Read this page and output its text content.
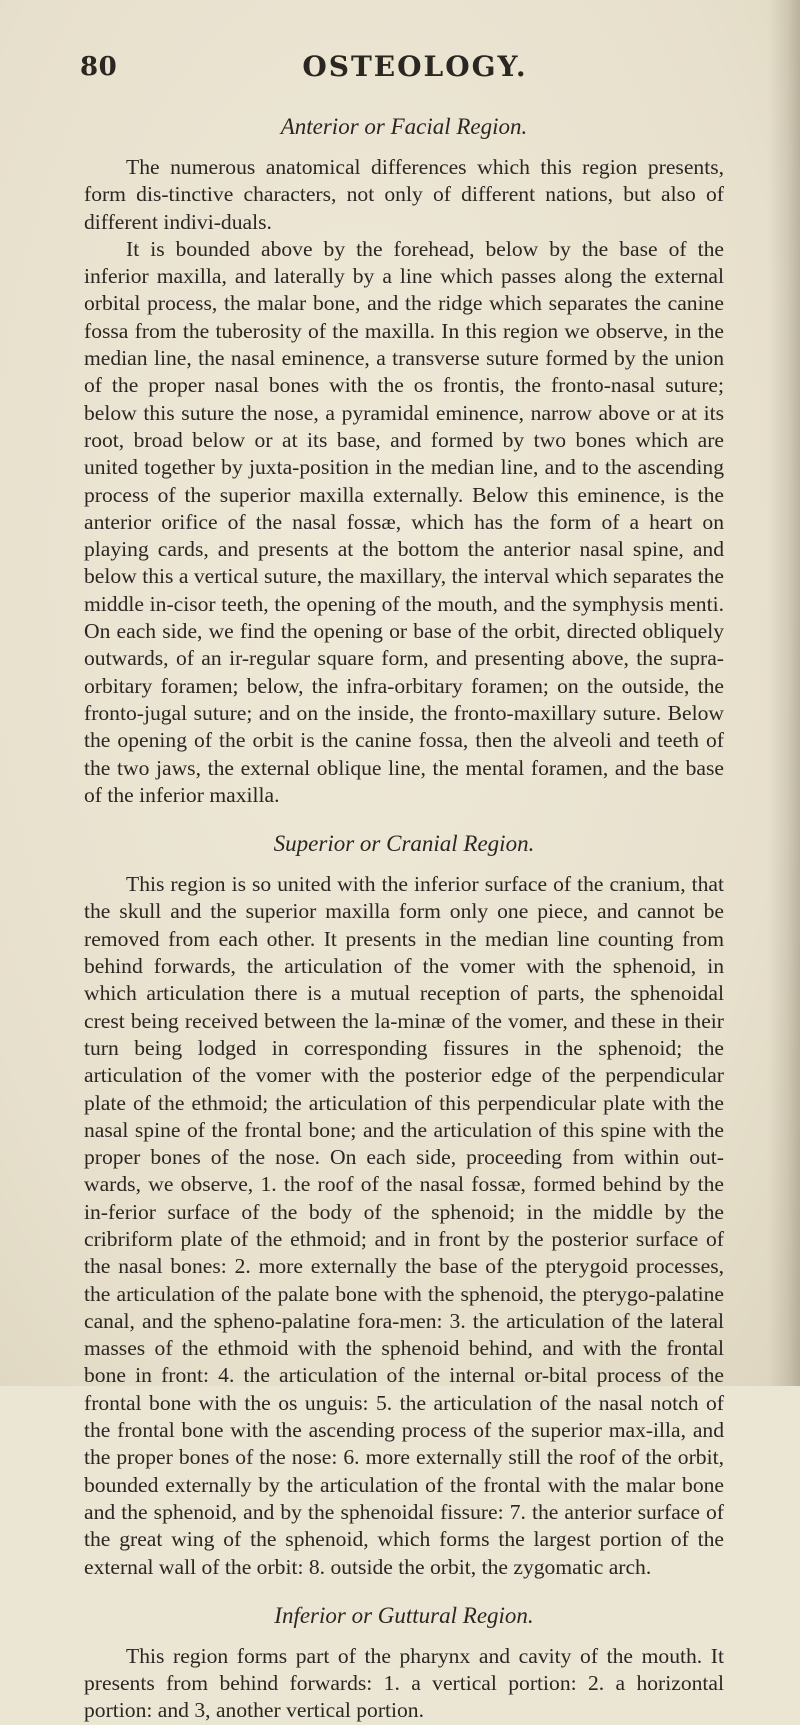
80	OSTEOLOGY.
Anterior or Facial Region.

The numerous anatomical differences which this region presents, form dis-tinctive characters, not only of different nations, but also of different indivi-duals.

It is bounded above by the forehead, below by the base of the inferior maxilla, and laterally by a line which passes along the external orbital process, the malar bone, and the ridge which separates the canine fossa from the tuberosity of the maxilla. In this region we observe, in the median line, the nasal eminence, a transverse suture formed by the union of the proper nasal bones with the os frontis, the fronto-nasal suture; below this suture the nose, a pyramidal eminence, narrow above or at its root, broad below or at its base, and formed by two bones which are united together by juxta-position in the median line, and to the ascending process of the superior maxilla externally. Below this eminence, is the anterior orifice of the nasal fossæ, which has the form of a heart on playing cards, and presents at the bottom the anterior nasal spine, and below this a vertical suture, the maxillary, the interval which separates the middle in-cisor teeth, the opening of the mouth, and the symphysis menti. On each side, we find the opening or base of the orbit, directed obliquely outwards, of an ir-regular square form, and presenting above, the supra-orbitary foramen; below, the infra-orbitary foramen; on the outside, the fronto-jugal suture; and on the inside, the fronto-maxillary suture. Below the opening of the orbit is the canine fossa, then the alveoli and teeth of the two jaws, the external oblique line, the mental foramen, and the base of the inferior maxilla.

Superior or Cranial Region.

This region is so united with the inferior surface of the cranium, that the skull and the superior maxilla form only one piece, and cannot be removed from each other. It presents in the median line counting from behind forwards, the articulation of the vomer with the sphenoid, in which articulation there is a mutual reception of parts, the sphenoidal crest being received between the la-minæ of the vomer, and these in their turn being lodged in corresponding fissures in the sphenoid; the articulation of the vomer with the posterior edge of the perpendicular plate of the ethmoid; the articulation of this perpendicular plate with the nasal spine of the frontal bone; and the articulation of this spine with the proper bones of the nose. On each side, proceeding from within out-wards, we observe, 1. the roof of the nasal fossæ, formed behind by the in-ferior surface of the body of the sphenoid; in the middle by the cribriform plate of the ethmoid; and in front by the posterior surface of the nasal bones: 2. more externally the base of the pterygoid processes, the articulation of the palate bone with the sphenoid, the pterygo-palatine canal, and the spheno-palatine fora-men: 3. the articulation of the lateral masses of the ethmoid with the sphenoid behind, and with the frontal bone in front: 4. the articulation of the internal or-bital process of the frontal bone with the os unguis: 5. the articulation of the nasal notch of the frontal bone with the ascending process of the superior max-illa, and the proper bones of the nose: 6. more externally still the roof of the orbit, bounded externally by the articulation of the frontal with the malar bone and the sphenoid, and by the sphenoidal fissure: 7. the anterior surface of the great wing of the sphenoid, which forms the largest portion of the external wall of the orbit: 8. outside the orbit, the zygomatic arch.

Inferior or Guttural Region.

This region forms part of the pharynx and cavity of the mouth. It presents from behind forwards: 1. a vertical portion: 2. a horizontal portion: and 3, another vertical portion.
